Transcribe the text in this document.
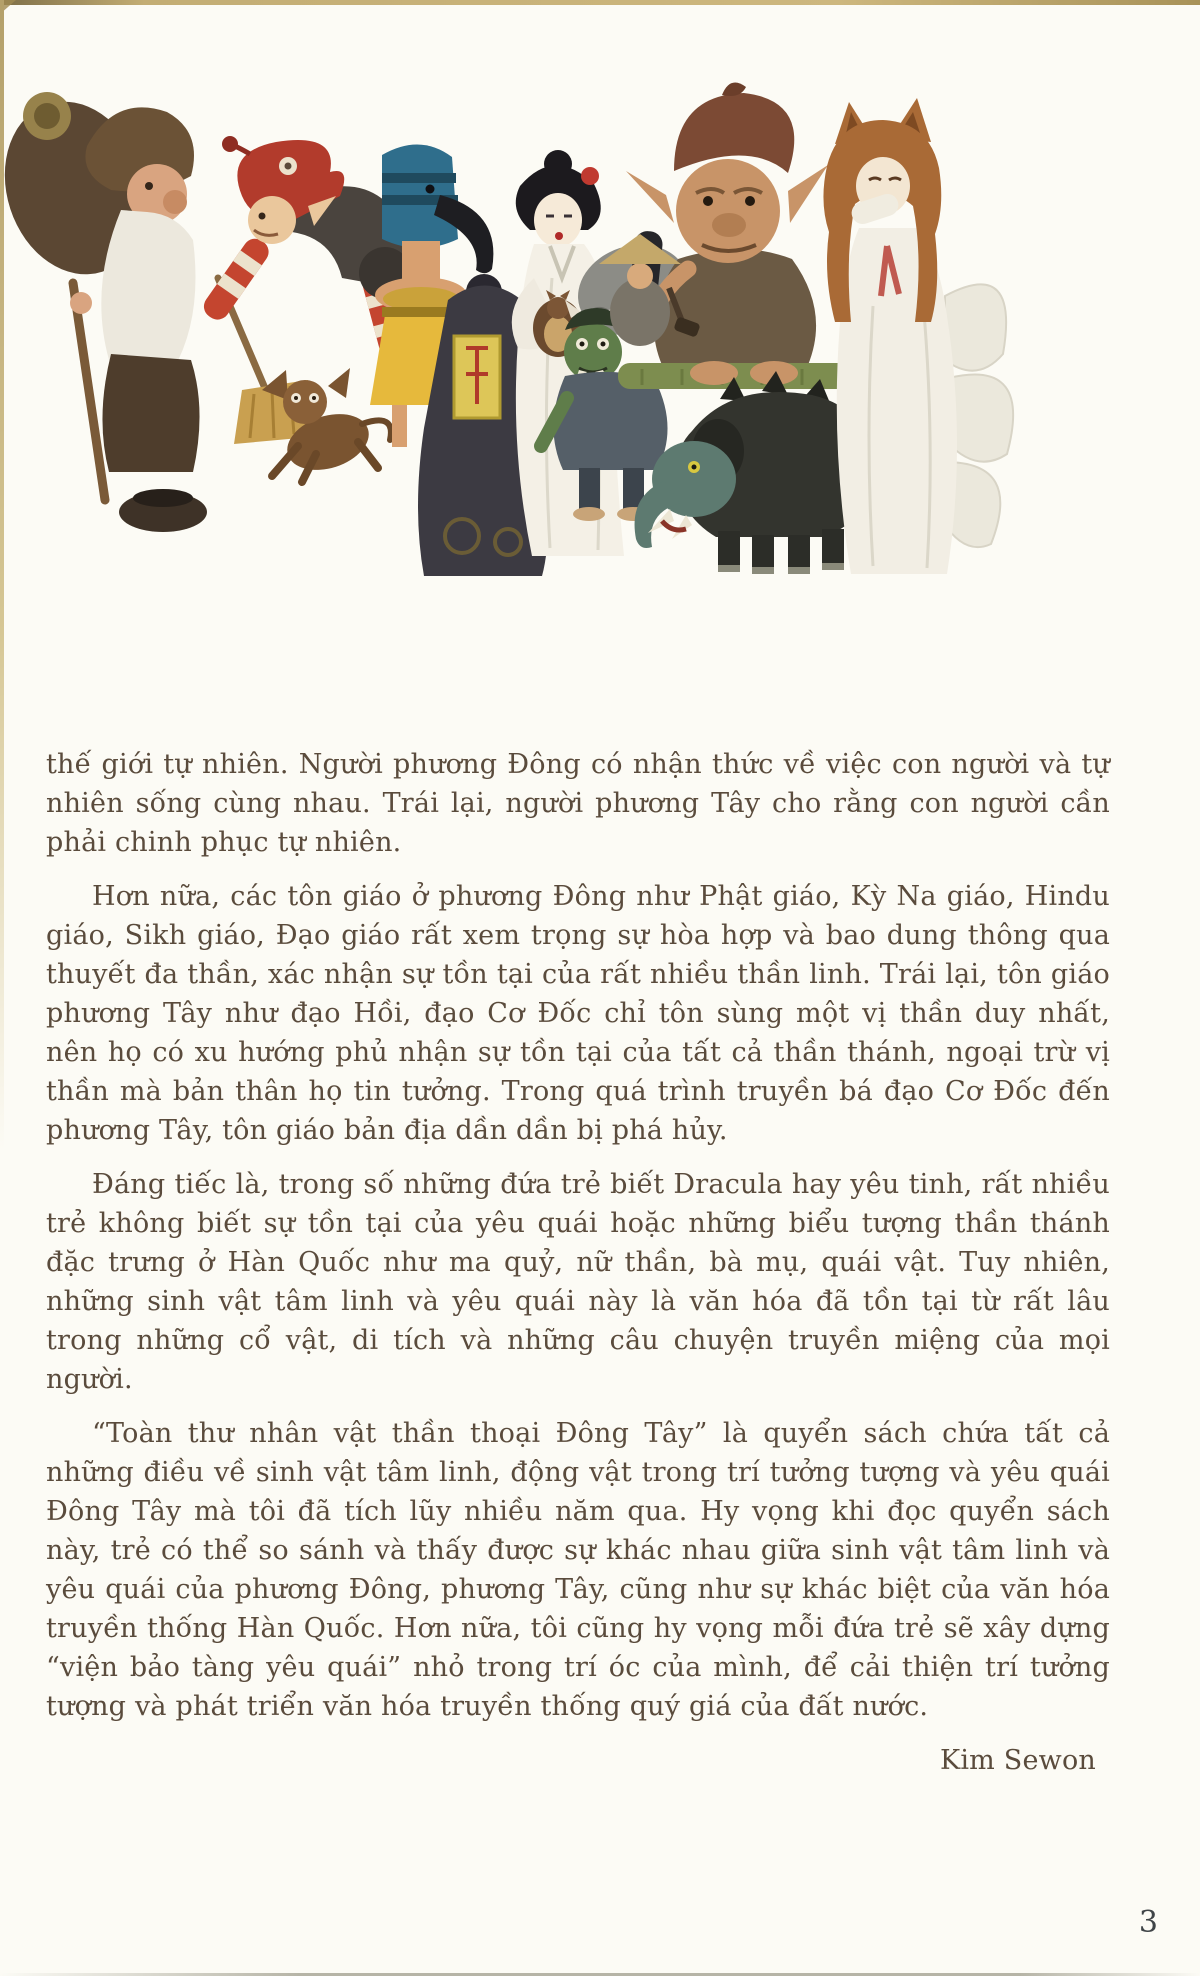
thế giới tự nhiên. Người phương Đông có nhận thức về việc con người và tự nhiên sống cùng nhau. Trái lại, người phương Tây cho rằng con người cần phải chinh phục tự nhiên.

Hơn nữa, các tôn giáo ở phương Đông như Phật giáo, Kỳ Na giáo, Hindu giáo, Sikh giáo, Đạo giáo rất xem trọng sự hòa hợp và bao dung thông qua thuyết đa thần, xác nhận sự tồn tại của rất nhiều thần linh. Trái lại, tôn giáo phương Tây như đạo Hồi, đạo Cơ Đốc chỉ tôn sùng một vị thần duy nhất, nên họ có xu hướng phủ nhận sự tồn tại của tất cả thần thánh, ngoại trừ vị thần mà bản thân họ tin tưởng. Trong quá trình truyền bá đạo Cơ Đốc đến phương Tây, tôn giáo bản địa dần dần bị phá hủy.

Đáng tiếc là, trong số những đứa trẻ biết Dracula hay yêu tinh, rất nhiều trẻ không biết sự tồn tại của yêu quái hoặc những biểu tượng thần thánh đặc trưng ở Hàn Quốc như ma quỷ, nữ thần, bà mụ, quái vật. Tuy nhiên, những sinh vật tâm linh và yêu quái này là văn hóa đã tồn tại từ rất lâu trong những cổ vật, di tích và những câu chuyện truyền miệng của mọi người.

“Toàn thư nhân vật thần thoại Đông Tây” là quyển sách chứa tất cả những điều về sinh vật tâm linh, động vật trong trí tưởng tượng và yêu quái Đông Tây mà tôi đã tích lũy nhiều năm qua. Hy vọng khi đọc quyển sách này, trẻ có thể so sánh và thấy được sự khác nhau giữa sinh vật tâm linh và yêu quái của phương Đông, phương Tây, cũng như sự khác biệt của văn hóa truyền thống Hàn Quốc. Hơn nữa, tôi cũng hy vọng mỗi đứa trẻ sẽ xây dựng “viện bảo tàng yêu quái” nhỏ trong trí óc của mình, để cải thiện trí tưởng tượng và phát triển văn hóa truyền thống quý giá của đất nước.

Kim Sewon
3
